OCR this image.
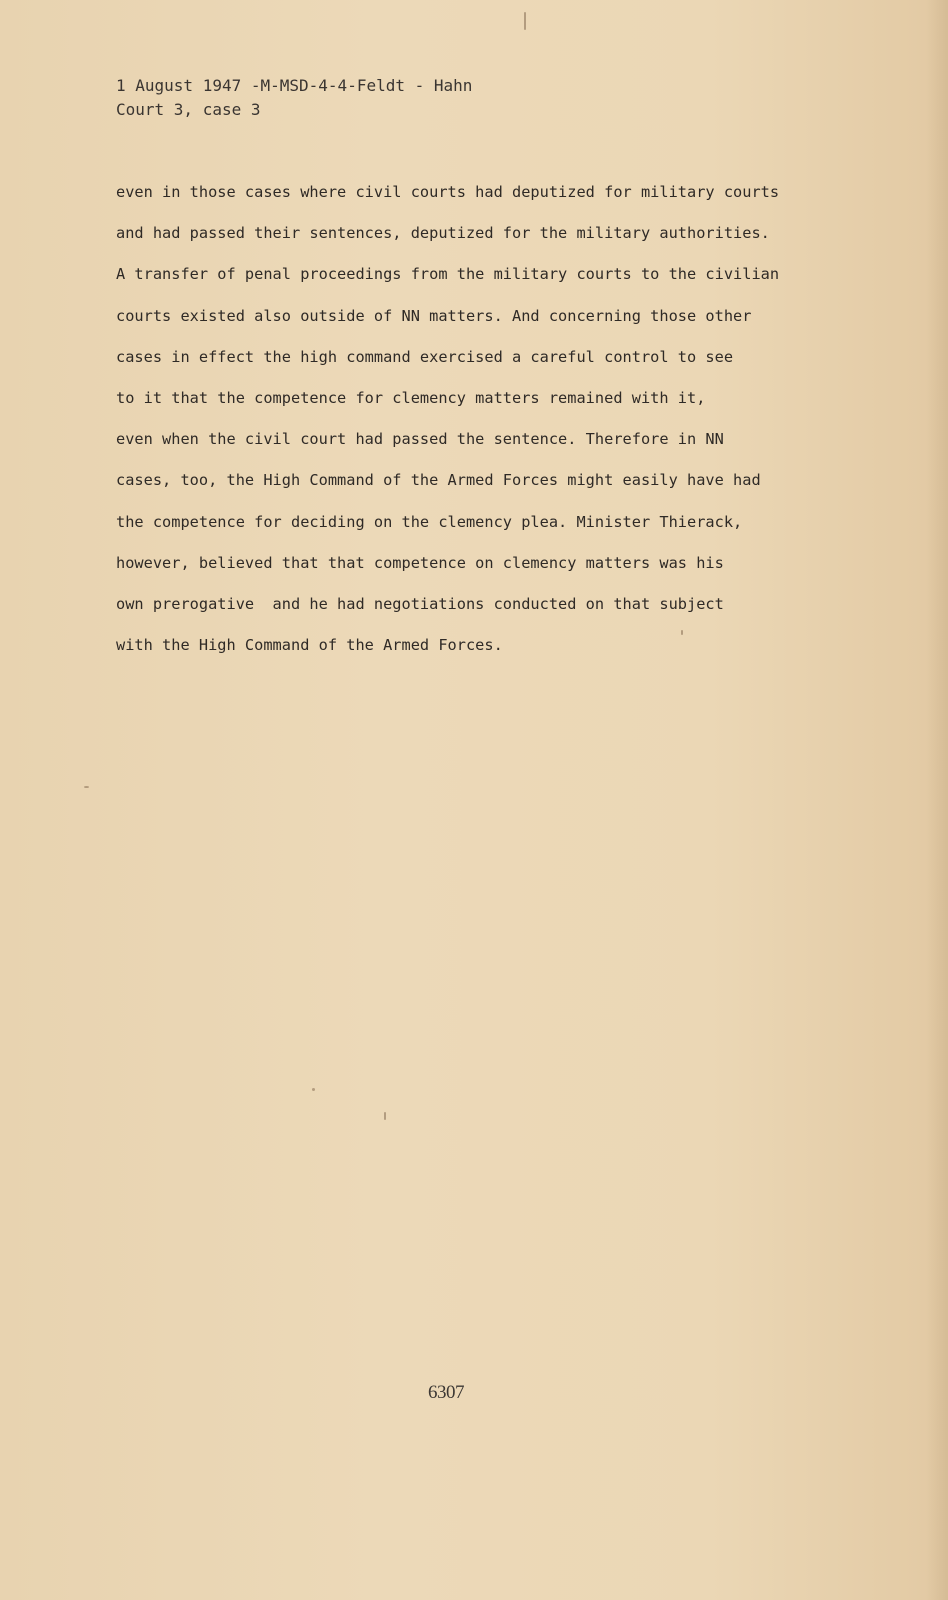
1 August 1947 -M-MSD-4-4-Feldt - Hahn
Court 3, case 3
even in those cases where civil courts had deputized for military courts
and had passed their sentences, deputized for the military authorities.
A transfer of penal proceedings from the military courts to the civilian
courts existed also outside of NN matters. And concerning those other
cases in effect the high command exercised a careful control to see
to it that the competence for clemency matters remained with it,
even when the civil court had passed the sentence. Therefore in NN
cases, too, the High Command of the Armed Forces might easily have had
the competence for deciding on the clemency plea. Minister Thierack,
however, believed that that competence on clemency matters was his
own prerogative  and he had negotiations conducted on that subject
with the High Command of the Armed Forces.
6307
